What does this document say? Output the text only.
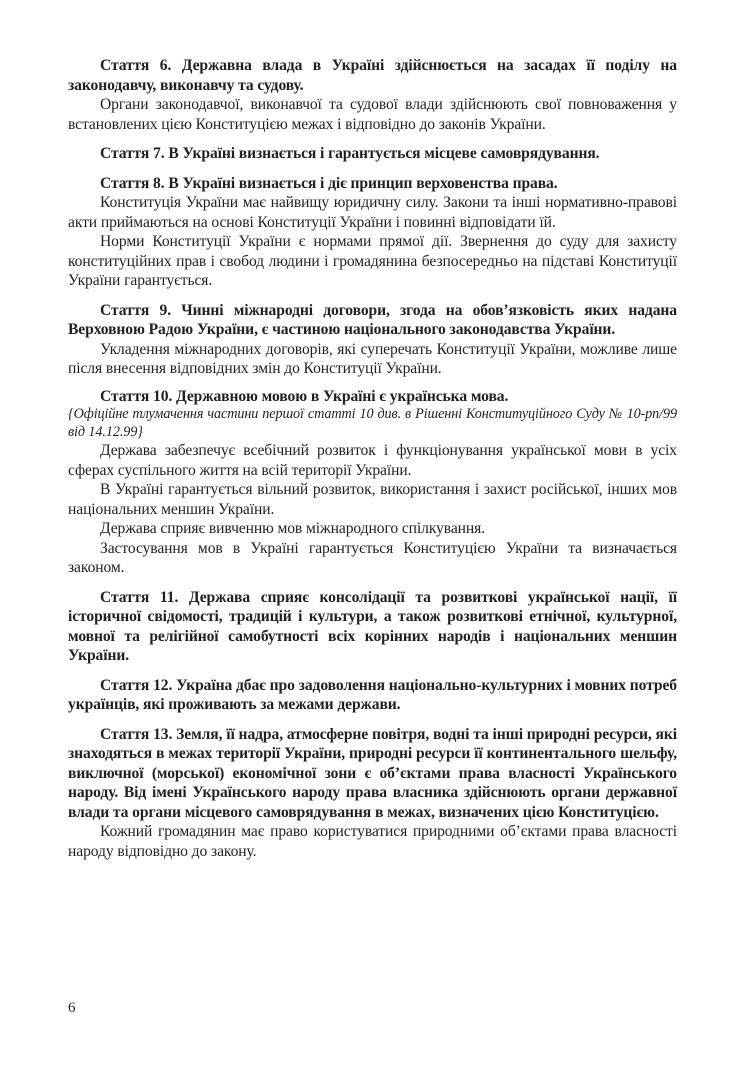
Стаття 6. Державна влада в Україні здійснюється на засадах її поділу на законодавчу, виконавчу та судову.

Органи законодавчої, виконавчої та судової влади здійснюють свої повноваження у встановлених цією Конституцією межах і відповідно до законів України.

Стаття 7. В Україні визнається і гарантується місцеве самоврядування.

Стаття 8. В Україні визнається і діє принцип верховенства права.

Конституція України має найвищу юридичну силу. Закони та інші нормативно-правові акти приймаються на основі Конституції України і повинні відповідати їй.

Норми Конституції України є нормами прямої дії. Звернення до суду для захисту конституційних прав і свобод людини і громадянина безпосередньо на підставі Конституції України гарантується.

Стаття 9. Чинні міжнародні договори, згода на обов’язковість яких надана Верховною Радою України, є частиною національного законодавства України.

Укладення міжнародних договорів, які суперечать Конституції України, можливе лише після внесення відповідних змін до Конституції України.

Стаття 10. Державною мовою в Україні є українська мова.

{Офіційне тлумачення частини першої статті 10 див. в Рішенні Конституційного Суду № 10-рп/99 від 14.12.99}

Держава забезпечує всебічний розвиток і функціонування української мови в усіх сферах суспільного життя на всій території України.

В Україні гарантується вільний розвиток, використання і захист російської, інших мов національних меншин України.

Держава сприяє вивченню мов міжнародного спілкування.

Застосування мов в Україні гарантується Конституцією України та визначається законом.

Стаття 11. Держава сприяє консолідації та розвиткові української нації, її історичної свідомості, традицій і культури, а також розвиткові етнічної, культурної, мовної та релігійної самобутності всіх корінних народів і національних меншин України.

Стаття 12. Україна дбає про задоволення національно-культурних і мовних потреб українців, які проживають за межами держави.

Стаття 13. Земля, її надра, атмосферне повітря, водні та інші природні ресурси, які знаходяться в межах території України, природні ресурси її континентального шельфу, виключної (морської) економічної зони є об’єктами права власності Українського народу. Від імені Українського народу права власника здійснюють органи державної влади та органи місцевого самоврядування в межах, визначених цією Конституцією.

Кожний громадянин має право користуватися природними об’єктами права власності народу відповідно до закону.

6
